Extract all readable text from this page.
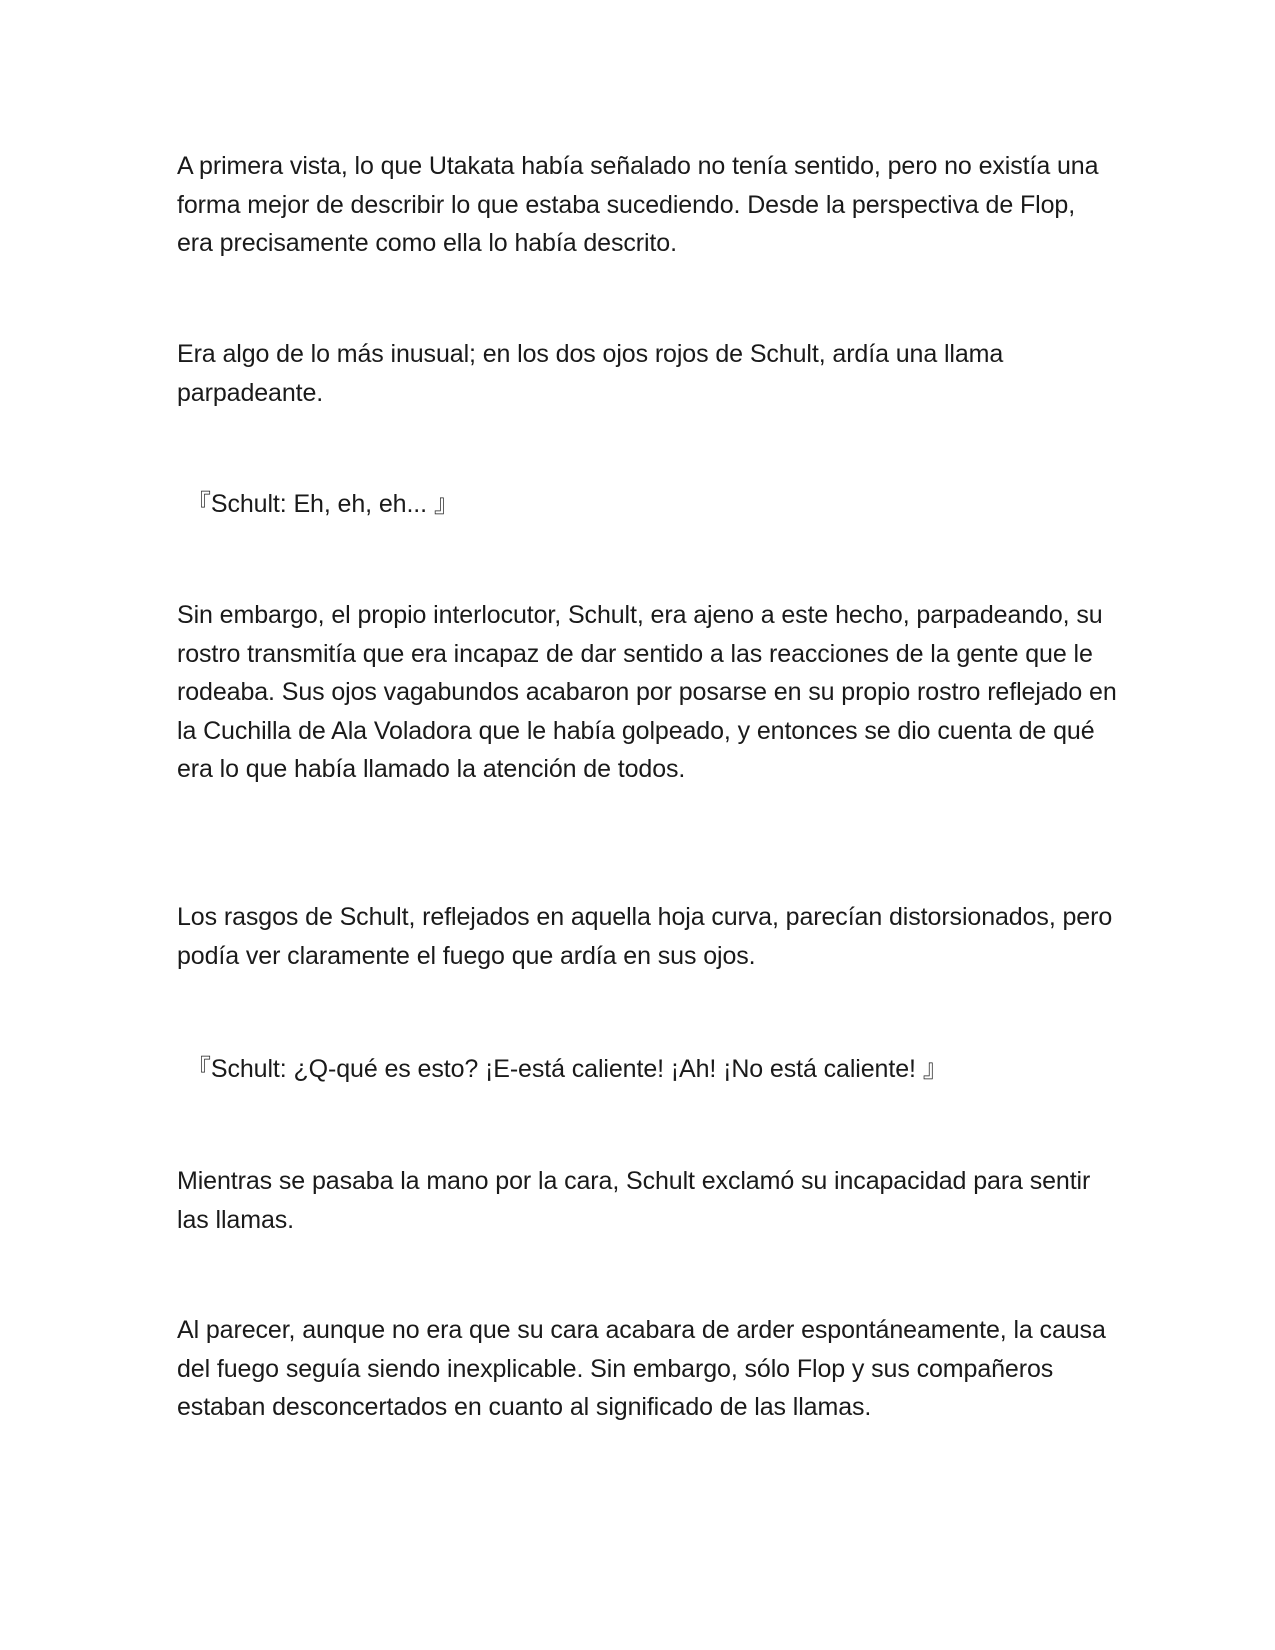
A primera vista, lo que Utakata había señalado no tenía sentido, pero no existía una forma mejor de describir lo que estaba sucediendo. Desde la perspectiva de Flop, era precisamente como ella lo había descrito.

Era algo de lo más inusual; en los dos ojos rojos de Schult, ardía una llama parpadeante.

『Schult: Eh, eh, eh... 』

Sin embargo, el propio interlocutor, Schult, era ajeno a este hecho, parpadeando, su rostro transmitía que era incapaz de dar sentido a las reacciones de la gente que le rodeaba. Sus ojos vagabundos acabaron por posarse en su propio rostro reflejado en la Cuchilla de Ala Voladora que le había golpeado, y entonces se dio cuenta de qué era lo que había llamado la atención de todos.

Los rasgos de Schult, reflejados en aquella hoja curva, parecían distorsionados, pero podía ver claramente el fuego que ardía en sus ojos.

『Schult: ¿Q-qué es esto? ¡E-está caliente! ¡Ah! ¡No está caliente! 』

Mientras se pasaba la mano por la cara, Schult exclamó su incapacidad para sentir las llamas.

Al parecer, aunque no era que su cara acabara de arder espontáneamente, la causa del fuego seguía siendo inexplicable. Sin embargo, sólo Flop y sus compañeros estaban desconcertados en cuanto al significado de las llamas.
